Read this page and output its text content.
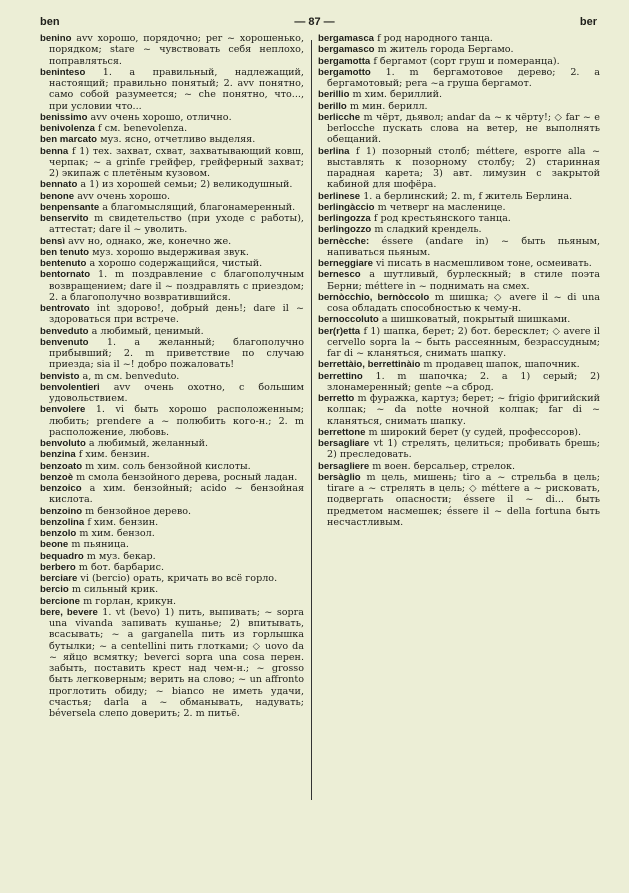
ben	— 87 —	ber

benino avv хорошо, порядочно; per ~ хорошенько, порядком; stare ~ чувствовать себя неплохо, поправляться.

beninteso 1. a правильный, надлежащий, настоящий; правильно понятый; 2. avv понятно, само собой разумеется; ~ che понятно, что..., при условии что...

benissimo avv очень хорошо, отлично.

benivolenza f см. benevolenza.

ben marcato муз. ясно, отчетливо выделяя.

benna f 1) тех. захват, схват, захватывающий ковш, черпак; ~ a grinfe грейфер, грейферный захват; 2) экипаж с плетёным кузовом.

bennato a 1) из хорошей семьи; 2) великодушный.

benone avv очень хорошо.

benpensante a благомыслящий, благонамеренный.

benservito m свидетельство (при уходе с работы), аттестат; dare il ~ уволить.

bensì avv но, однако, же, конечно же.

ben tenuto муз. хорошо выдерживая звук.

bentenuto a хорошо содержащийся, чистый.

bentornato 1. m поздравление с благополучным возвращением; dare il ~ поздравлять с приездом; 2. a благополучно возвратившийся.

bentrovato int здорово!, добрый день!; dare il ~ здороваться при встрече.

benveduto a любимый, ценимый.

benvenuto 1. a желанный; благополучно прибывший; 2. m приветствие по случаю приезда; sia il ~! добро пожаловать!

benvisto a, m см. benveduto.

benvolentieri avv очень охотно, с большим удовольствием.

benvolere 1. vi быть хорошо расположенным; любить; prendere a ~ полюбить кого-н.; 2. m расположение, любовь.

benvoluto a любимый, желанный.

benzina f хим. бензин.

benzoato m хим. соль бензойной кислоты.

benzoè m смола бензойного дерева, росный ладан.

benzoico a хим. бензойный; acido ~ бензойная кислота.

benzoino m бензойное дерево.

benzolina f хим. бензин.

benzolo m хим. бензол.

beone m пьяница.

bequadro m муз. бекар.

berbero m бот. барбарис.

berciare vi (bercio) орать, кричать во всё горло.

bercio m сильный крик.

bercione m горлан, крикун.

bere, bevere 1. vt (bevo) 1) пить, выпивать; ~ sopra una vivanda запивать кушанье; 2) впитывать, всасывать; ~ a garganella пить из горлышка бутылки; ~ a centellini пить глотками; ◇ uovo da ~ яйцо всмятку; beverci sopra una cosa перен. забыть, поставить крест над чем-н.; ~ grosso быть легковерным; верить на слово; ~ un affronto проглотить обиду; ~ bianco не иметь удачи, счастья; darla a ~ обманывать, надувать; béversela слепо доверить; 2. m питьё.

bergamasca f род народного танца.

bergamasco m житель города Бергамо.

bergamotta f бергамот (сорт груш и померанца).

bergamotto 1. m бергамотовое дерево; 2. a бергамотовый; pera ~a груша бергамот.

berillio m хим. бериллий.

berillo m мин. берилл.

berlicche m чёрт, дьявол; andar da ~ к чёрту!; ◇ far ~ e berlocche пускать слова на ветер, не выполнять обещаний.

berlina f 1) позорный столб; méttere, esporre alla ~ выставлять к позорному столбу; 2) старинная парадная карета; 3) авт. лимузин с закрытой кабиной для шофёра.

berlinese 1. a берлинский; 2. m, f житель Берлина.

berlingàccio m четверг на масленице.

berlingozza f род крестьянского танца.

berlingozzo m сладкий крендель.

bernècche: éssere (andare in) ~ быть пьяным, напиваться пьяным.

berneggiare vi писать в насмешливом тоне, осмеивать.

bernesco a шутливый, бурлескный; в стиле поэта Берни; méttere in ~ поднимать на смех.

bernòcchio, bernòccolo m шишка; ◇ avere il ~ di una cosa обладать способностью к чему-н.

bernoccoluto a шишковатый, покрытый шишками.

ber(r)etta f 1) шапка, берет; 2) бот. бересклет; ◇ avere il cervello sopra la ~ быть рассеянным, безрассудным; far di ~ кланяться, снимать шапку.

berrettàio, berrettinàio m продавец шапок, шапочник.

berrettino 1. m шапочка; 2. a 1) серый; 2) злонамеренный; gente ~a сброд.

berretto m фуражка, картуз; берет; ~ frigio фригийский колпак; ~ da notte ночной колпак; far di ~ кланяться, снимать шапку.

berrettone m широкий берет (у судей, профессоров).

bersagliare vt 1) стрелять, целиться; пробивать брешь; 2) преследовать.

bersagliere m воен. берсальер, стрелок.

bersàglio m цель, мишень; tiro a ~ стрельба в цель; tirare a ~ стрелять в цель; ◇ méttere a ~ рисковать, подвергать опасности; éssere il ~ di... быть предметом насмешек; éssere il ~ della fortuna быть несчастливым.
